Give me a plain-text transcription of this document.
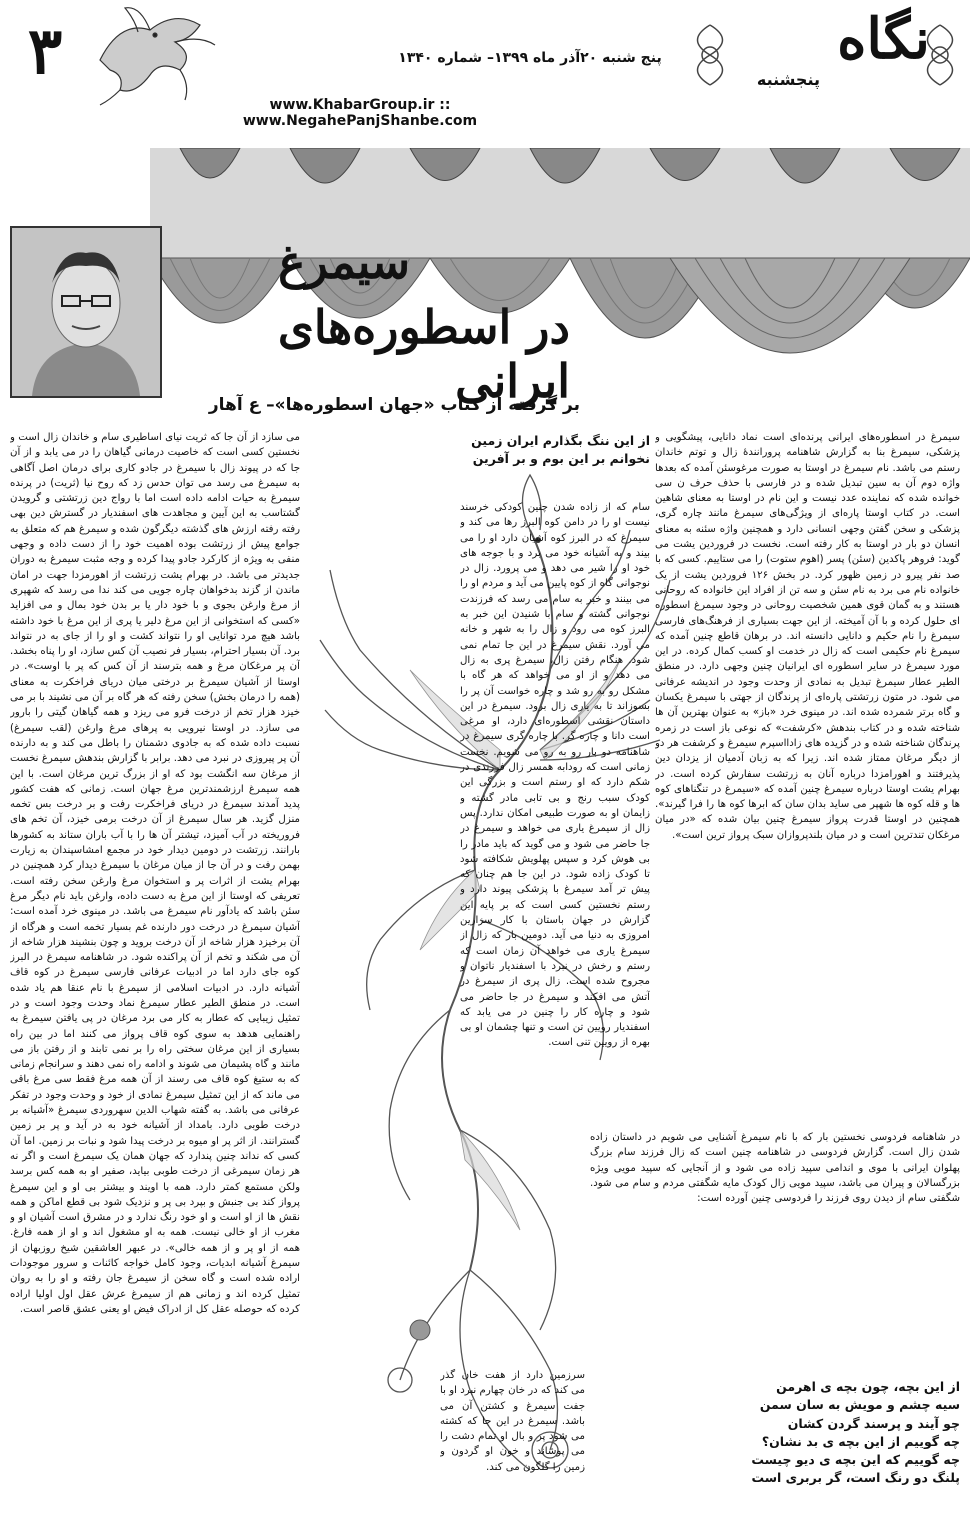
۳	پنج شنبه ۲۰آذر ماه ۱۳۹۹– شماره ۱۳۴۰	نگاه
پنجشنبه
www.KhabarGroup.ir :: www.NegahePanjShanbe.com
سیمرغ
در اسطوره‌های ایرانی
بر گرفته از کتاب «جهان اسطوره‌ها»– ع آهار
از این ننگ بگذارم ایران زمین
نخوانم بر این بوم و بر آفرین

سیمرغ در اسطوره‌های ایرانی پرنده‌ای است نماد دانایی، پیشگویی و پزشکی، سیمرغ بنا به گزارش شاهنامه پرورانندهٔ زال و توتم خاندان رستم می باشد. نام سیمرغ در اوستا به صورت مرغوسئن آمده که بعدها واژه دوم آن به سین تبدیل شده و در فارسی با حذف حرف ن سی خوانده شده که نماینده عدد نیست و این نام در اوستا به معنای شاهین است. در کتاب اوستا پاره‌ای از ویژگی‌های سیمرغ مانند چاره گری، پزشکی و سخن گفتن وجهی انسانی دارد و همچنین واژه سئنه به معنای انسان دو بار در اوستا به کار رفته است. نخست در فروردین یشت می گوید: فروهر پاکدین (سئن) پسر (اهوم ستوت) را می ستاییم. کسی که با صد نفر پیرو در زمین ظهور کرد. در بخش ۱۲۶ فروردین یشت از یک خانواده نام می برد به نام سئن و سه تن از افراد این خانواده که روحانی هستند و به گمان قوی همین شخصیت روحانی در وجود سیمرغ اسطوره ای حلول کرده و با آن آمیخته. از این جهت بسیاری از فرهنگ‌های فارسی سیمرغ را نام حکیم و دانایی دانسته اند. در برهان قاطع چنین آمده که سیمرغ نام حکیمی است که زال در خدمت او کسب کمال کرده. در این مورد سیمرغ در سایر اسطوره ای ایرانیان چنین وجهی دارد. در منطق الطیر عطار سیمرغ تبدیل به نمادی از وحدت وجود در اندیشه عرفانی می شود. در متون زرتشتی پاره‌ای از پرندگان از جهتی با سیمرغ یکسان و گاه برتر شمرده شده اند. در مینوی خرد «باز» به عنوان بهترین آن ها شناخته شده و در کتاب بندهش «کرشفت» که نوعی باز است در زمره پرندگان شناخته شده و در گزیده های زادااسپرم سیمرغ و کرشفت هر دو از دیگر مرغان ممتاز شده اند. زیرا که به زبان آدمیان از یزدان دین پذیرفتند و اهورامزدا درباره آنان به زرتشت سفارش کرده است. در بهرام یشت اوستا درباره سیمرغ چنین آمده که «سیمرغ در تنگناهای کوه ها و قله کوه ها شهپر می ساید بدان سان که ابرها کوه ها را فرا گیرند». همچنین در اوستا قدرت پرواز سیمرغ چنین بیان شده که «در میان مرغکان تندترین است و در میان بلندپروازان سبک پرواز ترین است».

در شاهنامه فردوسی نخستین بار که با نام سیمرغ آشنایی می شویم در داستان زاده شدن زال است. گزارش فردوسی در شاهنامه چنین است که زال فرزند سام بزرگ پهلوان ایرانی با موی و اندامی سپید زاده می شود و از آنجایی که سپید مویی ویژه بزرگسالان و پیران می باشد، سپید مویی زال کودک مایه شگفتی مردم و سام می شود. شگفتی سام از دیدن روی فرزند را فردوسی چنین آورده است:

از این بچه، چون بچه ی اهرمن
سیه چشم و مویش به سان سمن
چو آیند و پرسند گردن کشان
چه گوییم از این بچه ی بد نشان؟
چه گوییم که این بچه ی دیو چیست
پلنگ دو رنگ است، گر بربری است

سام که از زاده شدن چنین کودکی خرسند نیست او را در دامن کوه البرز رها می کند و سیمرغ که در البرز کوه آشیان دارد او را می بیند و به آشیانه خود می برد و با جوجه های خود او را شیر می دهد و می پرورد. زال در نوجوانی گاه از کوه پایین می آید و مردم او را می بینند و خبر به سام می رسد که فرزندت نوجوانی گشته و سام با شنیدن این خبر به البرز کوه می رود و زال را به شهر و خانه می آورد. نقش سیمرغ در این جا تمام نمی شود. هنگام رفتن زال، سیمرغ پری به زال می دهد و از او می خواهد که هر گاه با مشکل رو به رو شد و چاره خواست آن پر را بسوزاند تا به یاری زال برود. سیمرغ در این داستان نقشی اسطوره‌ای دارد، او مرغی است دانا و چاره گر. با چاره گری سیمرغ در شاهنامه دو بار رو به رو می شویم. نخست زمانی است که رودابه همسر زال فرزندی در شکم دارد که او رستم است و بزرگی این کودک سبب رنج و بی تابی مادر گشته و زایمان او به صورت طبیعی امکان ندارد. پس زال از سیمرغ یاری می خواهد و سیمرغ در جا حاضر می شود و می گوید که باید مادر را بی هوش کرد و سپس پهلویش شکافته شود تا کودک زاده شود. در این جا هم چنان که پیش تر آمد سیمرغ با پزشکی پیوند دارد و رستم نخستین کسی است که بر پایه این گزارش در جهان باستان با کار سزارین امروزی به دنیا می آید. دومین بار که زال از سیمرغ یاری می خواهد آن زمان است که رستم و رخش در نبرد با اسفندیار ناتوان و مجروح شده است. زال پری از سیمرغ در آتش می افکند و سیمرغ در جا حاضر می شود و چاره کار را چنین در می یابد که اسفندیار رویین تن است و تنها چشمان او بی بهره از رویین تنی است.

سرزمین دارد از هفت خان گذر می کند که در خان چهارم نبرد او با جفت سیمرغ و کشتن آن می باشد. سیمرغ در این جا که کشته می شود پر و بال او تمام دشت را می پوشاند و خون او گردون و زمین را گلگون می کند.

می سازد از آن جا که ثریت نیای اساطیری سام و خاندان زال است و نخستین کسی است که خاصیت درمانی گیاهان را در می یابد و از آن جا که در پیوند زال با سیمرغ در جادو کاری برای درمان اصل آگاهی به سیمرغ می رسد می توان حدس زد که روح نیا (ثریت) در پرنده سیمرغ به حیات ادامه داده است اما با رواج دین زرتشتی و گرویدن گشتاسب به این آیین و مجاهدت های اسفندیار در گسترش دین بهی رفته رفته ارزش های گذشته دیگرگون شده و سیمرغ هم که متعلق به جوامع پیش از زرتشت بوده اهمیت خود را از دست داده و وجهی منفی به ویژه از کارکرد جادو پیدا کرده و وجه مثبت سیمرغ به دوران جدیدتر می باشد. در بهرام یشت زرتشت از اهورمزدا جهت در امان ماندن از گزند بدخواهان چاره جویی می کند ندا می رسد که شهپری از مرغ وارغن بجوی و با خود دار یا بر بدن خود بمال و می افزاید «کسی که استخوانی از این مرغ دلیر یا پری از این مرغ با خود داشته باشد هیچ مرد توانایی او را نتواند کشت و او را از جای به در نتواند برد. آن بسیار احترام، بسیار فر نصیب آن کس سازد، او را پناه بخشد. آن پر مرغکان مرغ و همه بترسند از آن کس که پر با اوست». در اوستا از آشیان سیمرغ بر درختی میان دریای فراخکرت به معنای (همه را درمان بخش) سخن رفته که هر گاه بر آن می نشیند با بر می خیزد هزار تخم از درخت فرو می ریزد و همه گیاهان گیتی را بارور می سازد. در اوستا نیرویی به پرهای مرغ وارغن (لقب سیمرغ) نسبت داده شده که به جادوی دشمنان را باطل می کند و به دارنده آن پر پیروزی در نبرد می دهد. برابر با گزارش بندهش سیمرغ نخست از مرغان سه انگشت بود که او از بزرگ ترین مرغان است. با این همه سیمرغ ارزشمندترین مرغ جهان است. زمانی که هفت کشور پدید آمدند سیمرغ در دریای فراخکرت رفت و بر درخت بس تخمه منزل گزید. هر سال سیمرغ از آن درخت برمی خیزد، آن تخم های فروریخته در آب آمیزد، تیشتر آن ها را با آب باران ستاند به کشورها بارانند. زرتشت در دومین دیدار خود در مجمع امشاسپندان به زیارت بهمن رفت و در آن جا از میان مرغان با سیمرغ دیدار کرد همچنین در بهرام یشت از اثرات پر و استخوان مرغ وارغن سخن رفته است. تعریفی که اوستا از این مرغ به دست داده، وارغن باید نام دیگر مرغ سئن باشد که یادآور نام سیمرغ می باشد. در مینوی خرد آمده است: آشیان سیمرغ در درخت دور دارنده غم بسیار تخمه است و هرگاه از آن برخیزد هزار شاخه از آن درخت بروید و چون بنشیند هزار شاخه از آن می شکند و تخم از آن پراکنده شود. در شاهنامه سیمرغ در البرز کوه جای دارد اما در ادبیات عرفانی فارسی سیمرغ در کوه قاف آشیانه دارد. در ادبیات اسلامی از سیمرغ با نام عنقا هم یاد شده است. در منطق الطیر عطار سیمرغ نماد وحدت وجود است و در تمثیل زیبایی که عطار به کار می برد مرغان در پی یافتن سیمرغ به راهنمایی هدهد به سوی کوه قاف پرواز می کنند اما در بین راه بسیاری از این مرغان سختی راه را بر نمی تابند و از رفتن باز می مانند و گاه پشیمان می شوند و ادامه راه نمی دهند و سرانجام زمانی که به ستیغ کوه قاف می رسند از آن همه مرغ فقط سی مرغ باقی می ماند که از این تمثیل سیمرغ نمادی از خود و وحدت وجود در تفکر عرفانی می باشد. به گفته شهاب الدین سهروردی سیمرغ «آشیانه بر درخت طوبی دارد. بامداد از آشیانه خود به در آید و پر بر زمین گسترانند. از اثر پر او میوه بر درخت پیدا شود و نبات بر زمین. اما آن کسی که نداند چنین پندارد که جهان همان یک سیمرغ است و اگر نه هر زمان سیمرغی از درخت طوبی بیاید، صفیر او به همه کس برسد ولکن مستمع کمتر دارد. همه با اویند و بیشتر بی او و این سیمرغ پرواز کند بی جنبش و بپرد بی پر و نزدیک شود بی قطع اماکن و همه نقش ها از او است و او خود رنگ ندارد و در مشرق است آشیان او و مغرب از او خالی نیست. همه به او مشغول اند و او از همه فارغ. همه از او پر و از همه خالی». در عبهر العاشقین شیخ روزبهان از سیمرغ آشیانه ابدیات، وجود کامل خواجه کائنات و سرور موجودات اراده شده است و گاه سخن از سیمرغ جان رفته و او را به روان تمثیل کرده اند و زمانی هم از سیمرغ عرش عقل اول اولیا اراده کرده که حوصله عقل کل از ادراک فیض او یعنی عشق قاصر است.
